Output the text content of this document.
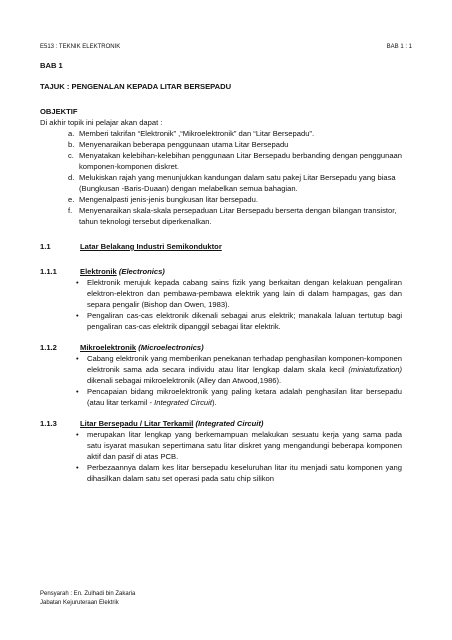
E513 : TEKNIK ELEKTRONIK	BAB 1 : 1
BAB 1
TAJUK : PENGENALAN KEPADA LITAR BERSEPADU
OBJEKTIF
Di akhir topik ini pelajar akan dapat :
a. Memberi takrifan “Elektronik” ,“Mikroelektronik” dan “Litar Bersepadu”.
b. Menyenaraikan beberapa penggunaan utama Litar Bersepadu
c. Menyatakan kelebihan-kelebihan penggunaan Litar Bersepadu berbanding dengan penggunaan komponen-komponen diskret.
d. Melukiskan rajah yang menunjukkan kandungan dalam satu pakej Litar Bersepadu yang biasa (Bungkusan -Baris-Duaan) dengan melabelkan semua bahagian.
e. Mengenalpasti jenis-jenis bungkusan litar bersepadu.
f. Menyenaraikan skala-skala persepaduan Litar Bersepadu berserta dengan bilangan transistor, tahun teknologi tersebut diperkenalkan.
1.1	Latar Belakang Industri Semikonduktor
1.1.1	Elektronik (Electronics)
•	Elektronik merujuk kepada cabang sains fizik yang berkaitan dengan kelakuan pengaliran elektron-elektron dan pembawa-pembawa elektrik yang lain di dalam hampagas, gas dan separa pengalir (Bishop dan Owen, 1983).
•	Pengaliran cas-cas elektronik dikenali sebagai arus elektrik; manakala laluan tertutup bagi pengaliran cas-cas elektrik dipanggil sebagai litar elektrik.
1.1.2	Mikroelektronik (Microelectronics)
•	Cabang elektronik yang memberikan penekanan terhadap penghasilan komponen-komponen elektronik sama ada secara individu atau litar lengkap dalam skala kecil (miniatufization) dikenali sebagai mikroelektronik (Alley dan Atwood,1986).
•	Pencapaian bidang mikroelektronik yang paling ketara adalah penghasilan litar bersepadu (atau litar terkamil - Integrated Circuit).
1.1.3	Litar Bersepadu / Litar Terkamil (Integrated Circuit)
•	merupakan litar lengkap yang berkemampuan melakukan sesuatu kerja yang sama pada satu isyarat masukan sepertimana satu litar diskret yang mengandungi beberapa komponen aktif dan pasif di atas PCB.
•	Perbezaannya dalam kes litar bersepadu keseluruhan litar itu menjadi satu komponen yang dihasilkan dalam satu set operasi pada satu chip silikon
Pensyarah : En. Zulhadi bin Zakaria
Jabatan Kejuruteraan Elektrik
